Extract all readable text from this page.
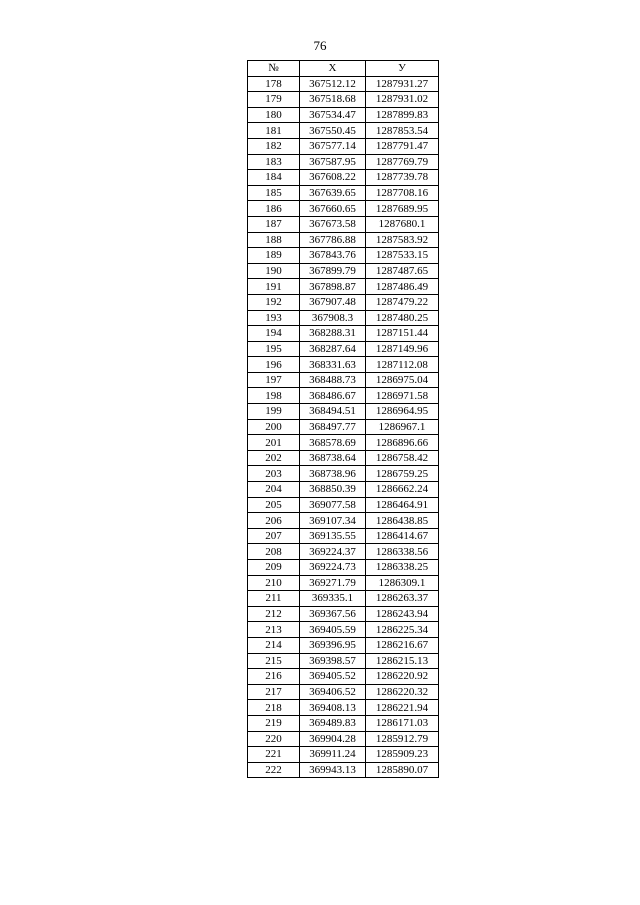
76
№	X	У
178	367512.12	1287931.27
179	367518.68	1287931.02
180	367534.47	1287899.83
181	367550.45	1287853.54
182	367577.14	1287791.47
183	367587.95	1287769.79
184	367608.22	1287739.78
185	367639.65	1287708.16
186	367660.65	1287689.95
187	367673.58	1287680.1
188	367786.88	1287583.92
189	367843.76	1287533.15
190	367899.79	1287487.65
191	367898.87	1287486.49
192	367907.48	1287479.22
193	367908.3	1287480.25
194	368288.31	1287151.44
195	368287.64	1287149.96
196	368331.63	1287112.08
197	368488.73	1286975.04
198	368486.67	1286971.58
199	368494.51	1286964.95
200	368497.77	1286967.1
201	368578.69	1286896.66
202	368738.64	1286758.42
203	368738.96	1286759.25
204	368850.39	1286662.24
205	369077.58	1286464.91
206	369107.34	1286438.85
207	369135.55	1286414.67
208	369224.37	1286338.56
209	369224.73	1286338.25
210	369271.79	1286309.1
211	369335.1	1286263.37
212	369367.56	1286243.94
213	369405.59	1286225.34
214	369396.95	1286216.67
215	369398.57	1286215.13
216	369405.52	1286220.92
217	369406.52	1286220.32
218	369408.13	1286221.94
219	369489.83	1286171.03
220	369904.28	1285912.79
221	369911.24	1285909.23
222	369943.13	1285890.07
